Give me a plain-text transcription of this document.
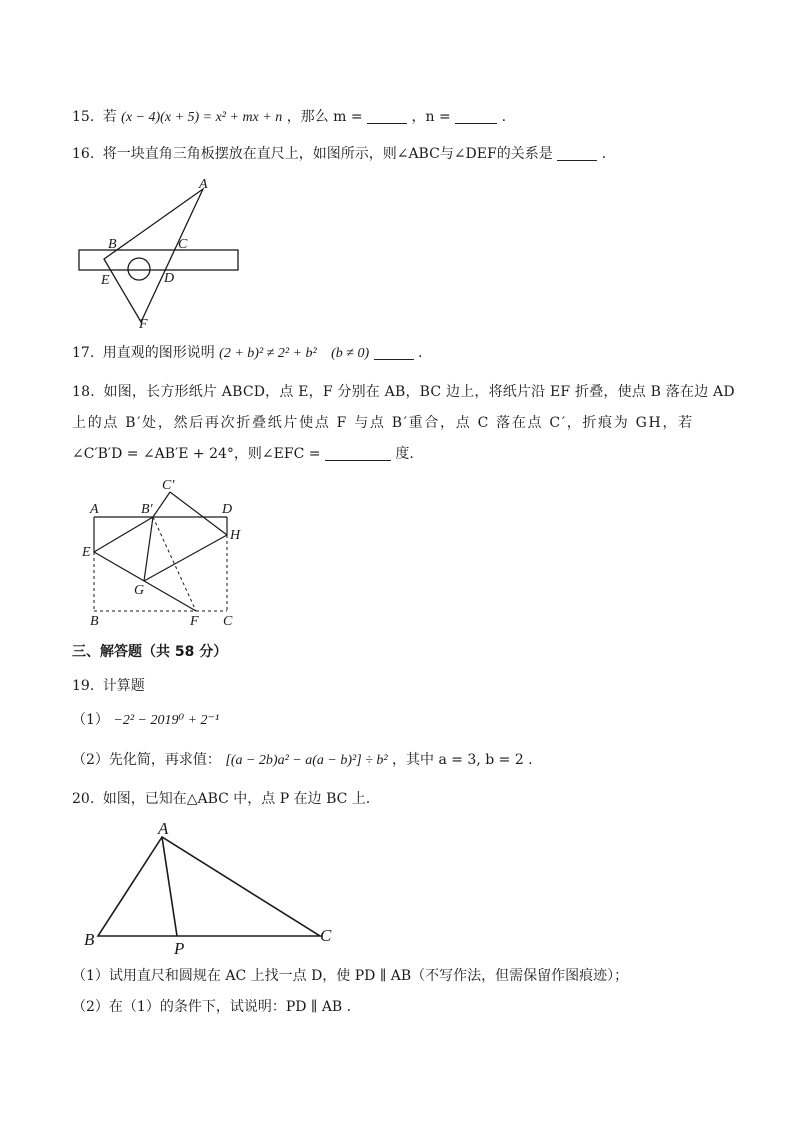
15. 若 (x − 4)(x + 5) = x² + mx + n ，那么 m =	，n =	.
16. 将一块直角三角板摆放在直尺上，如图所示，则∠ABC与∠DEF的关系是	.
A
B	C
D
E
F
17. 用直观的图形说明 (2 + b)² ≠ 2² + b² (b ≠ 0)	.
18. 如图，长方形纸片 ABCD，点 E，F 分别在 AB，BC 边上，将纸片沿 EF 折叠，使点 B 落在边 AD
上的点 B′处，然后再次折叠纸片使点 F 与点 B′重合，点 C 落在点 C′，折痕为 GH，若
∠C′B′D = ∠AB′E + 24°，则∠EFC =	度.
A	B′
C′
D
E
H
G
B	F C
三、解答题（共 58 分）
19. 计算题
（1） −2² − 2019⁰ + 2⁻¹
（2）先化简，再求值： [(a − 2b)a² − a(a − b)²] ÷ b² ，其中 a = 3, b = 2 .
20. 如图，已知在△ABC 中，点 P 在边 BC 上.
A
B	P
C
（1）试用直尺和圆规在 AC 上找一点 D，使 PD ∥ AB（不写作法，但需保留作图痕迹）；
（2）在（1）的条件下，试说明：PD ∥ AB .
